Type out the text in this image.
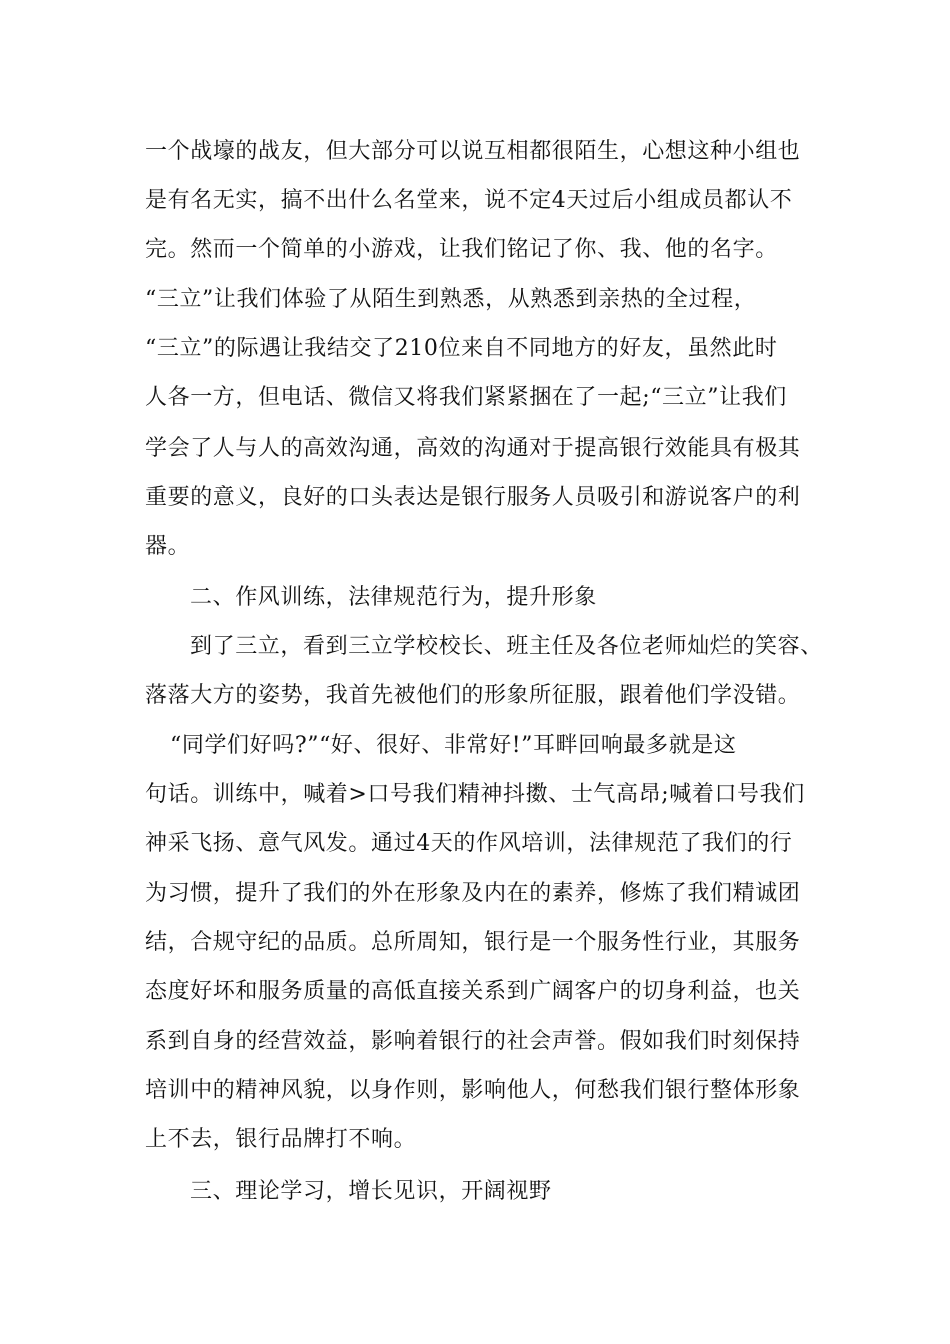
一个战壕的战友，但大部分可以说互相都很陌生，心想这种小组也

是有名无实，搞不出什么名堂来，说不定4天过后小组成员都认不

完。然而一个简单的小游戏，让我们铭记了你、我、他的名字。

“三立”让我们体验了从陌生到熟悉，从熟悉到亲热的全过程，

“三立”的际遇让我结交了210位来自不同地方的好友，虽然此时

人各一方，但电话、微信又将我们紧紧捆在了一起;“三立”让我们

学会了人与人的高效沟通，高效的沟通对于提高银行效能具有极其

重要的意义，良好的口头表达是银行服务人员吸引和游说客户的利

器。

二、作风训练，法律规范行为，提升形象

到了三立，看到三立学校校长、班主任及各位老师灿烂的笑容、

落落大方的姿势，我首先被他们的形象所征服，跟着他们学没错。

“同学们好吗?”“好、很好、非常好!”耳畔回响最多就是这

句话。训练中，喊着>口号我们精神抖擞、士气高昂;喊着口号我们

神采飞扬、意气风发。通过4天的作风培训，法律规范了我们的行

为习惯，提升了我们的外在形象及内在的素养，修炼了我们精诚团

结，合规守纪的品质。总所周知，银行是一个服务性行业，其服务

态度好坏和服务质量的高低直接关系到广阔客户的切身利益，也关

系到自身的经营效益，影响着银行的社会声誉。假如我们时刻保持

培训中的精神风貌，以身作则，影响他人，何愁我们银行整体形象

上不去，银行品牌打不响。

三、理论学习，增长见识，开阔视野
